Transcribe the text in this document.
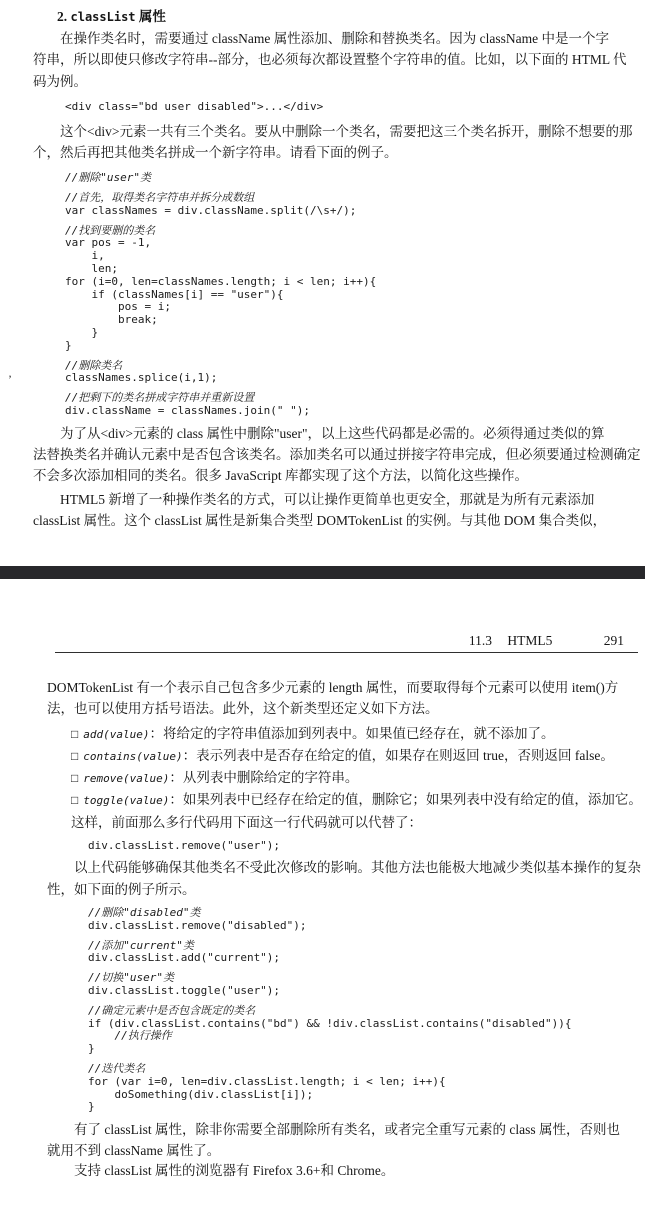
2. classList 属性
在操作类名时，需要通过 className 属性添加、删除和替换类名。因为 className 中是一个字
符串，所以即使只修改字符串--部分，也必须每次都设置整个字符串的值。比如，以下面的 HTML 代
码为例。
<div class="bd user disabled">...</div>
这个<div>元素一共有三个类名。要从中删除一个类名，需要把这三个类名拆开，删除不想要的那
个，然后再把其他类名拼成一个新字符串。请看下面的例子。
//删除"user"类

//首先，取得类名字符串并拆分成数组
var classNames = div.className.split(/\s+/);

//找到要删的类名
var pos = -1,
i,
len;
for (i=0, len=classNames.length; i < len; i++){
if (classNames[i] == "user"){
pos = i;
break;
}
}

//删除类名
classNames.splice(i,1);

//把剩下的类名拼成字符串并重新设置
div.className = classNames.join(" ");
为了从<div>元素的 class 属性中删除"user"，以上这些代码都是必需的。必须得通过类似的算
法替换类名并确认元素中是否包含该类名。添加类名可以通过拼接字符串完成，但必须要通过检测确定
不会多次添加相同的类名。很多 JavaScript 库都实现了这个方法，以简化这些操作。
HTML5 新增了一种操作类名的方式，可以让操作更简单也更安全，那就是为所有元素添加
classList 属性。这个 classList 属性是新集合类型 DOMTokenList 的实例。与其他 DOM 集合类似，
11.3 HTML5	291
DOMTokenList 有一个表示自己包含多少元素的 length 属性，而要取得每个元素可以使用 item()方
法，也可以使用方括号语法。此外，这个新类型还定义如下方法。
□ add(value)：将给定的字符串值添加到列表中。如果值已经存在，就不添加了。
□ contains(value)：表示列表中是否存在给定的值，如果存在则返回 true，否则返回 false。
□ remove(value)：从列表中删除给定的字符串。
□ toggle(value)：如果列表中已经存在给定的值，删除它；如果列表中没有给定的值，添加它。
这样，前面那么多行代码用下面这一行代码就可以代替了：
div.classList.remove("user");
以上代码能够确保其他类名不受此次修改的影响。其他方法也能极大地减少类似基本操作的复杂
性，如下面的例子所示。
//删除"disabled"类
div.classList.remove("disabled");

//添加"current"类
div.classList.add("current");

//切换"user"类
div.classList.toggle("user");

//确定元素中是否包含既定的类名
if (div.classList.contains("bd") && !div.classList.contains("disabled")){
//执行操作
}

//迭代类名
for (var i=0, len=div.classList.length; i < len; i++){
doSomething(div.classList[i]);
}
有了 classList 属性，除非你需要全部删除所有类名，或者完全重写元素的 class 属性，否则也
就用不到 className 属性了。
支持 classList 属性的浏览器有 Firefox 3.6+和 Chrome。
’
